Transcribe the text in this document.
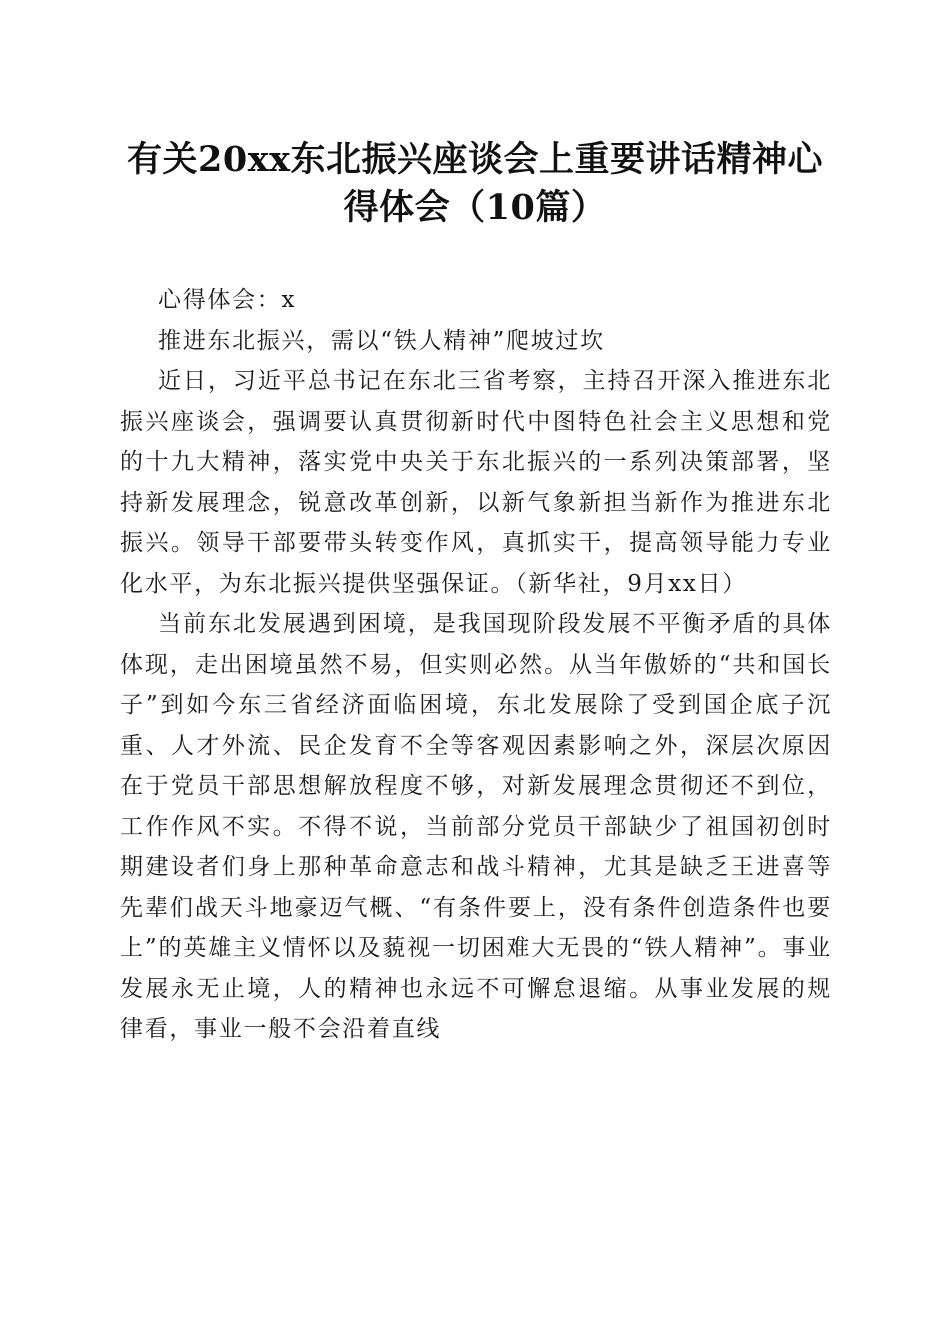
有关20xx东北振兴座谈会上重要讲话精神心得体会（10篇）

心得体会：x

推进东北振兴，需以“铁人精神”爬坡过坎

近日，习近平总书记在东北三省考察，主持召开深入推进东北振兴座谈会，强调要认真贯彻新时代中图特色社会主义思想和党的十九大精神，落实党中央关于东北振兴的一系列决策部署，坚持新发展理念，锐意改革创新，以新气象新担当新作为推进东北振兴。领导干部要带头转变作风，真抓实干，提高领导能力专业化水平，为东北振兴提供坚强保证。（新华社，9月xx日）

当前东北发展遇到困境，是我国现阶段发展不平衡矛盾的具体体现，走出困境虽然不易，但实则必然。从当年傲娇的“共和国长子”到如今东三省经济面临困境，东北发展除了受到国企底子沉重、人才外流、民企发育不全等客观因素影响之外，深层次原因在于党员干部思想解放程度不够，对新发展理念贯彻还不到位，工作作风不实。不得不说，当前部分党员干部缺少了祖国初创时期建设者们身上那种革命意志和战斗精神，尤其是缺乏王进喜等先辈们战天斗地豪迈气概、“有条件要上，没有条件创造条件也要上”的英雄主义情怀以及藐视一切困难大无畏的“铁人精神”。事业发展永无止境，人的精神也永远不可懈怠退缩。从事业发展的规律看，事业一般不会沿着直线
